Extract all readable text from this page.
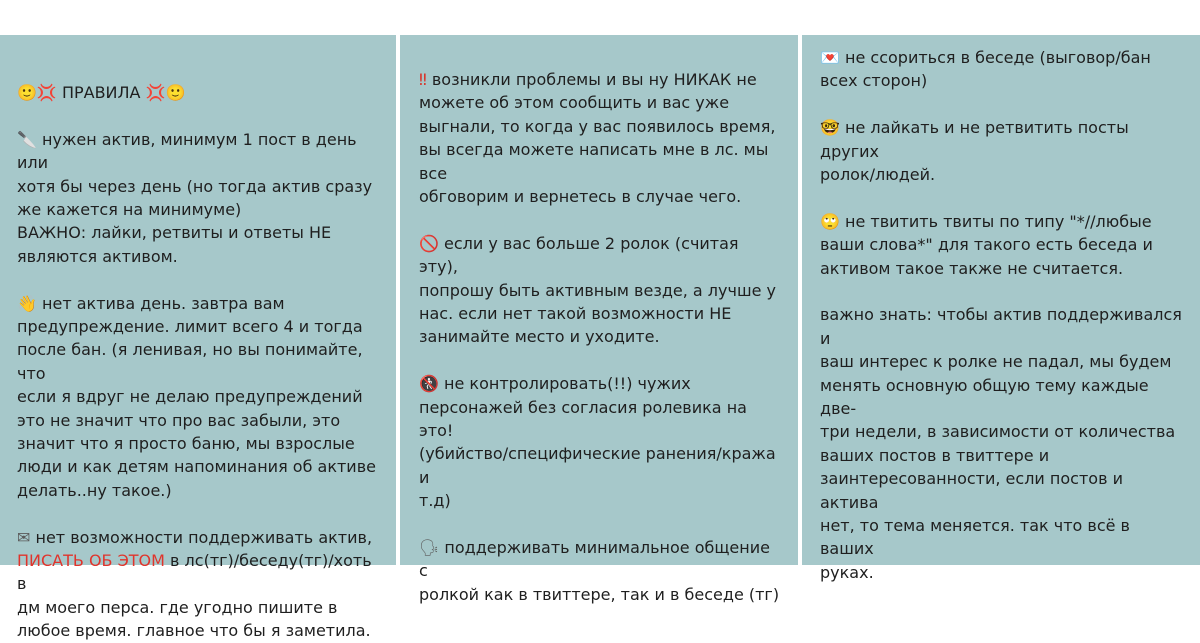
🙂💢 ПРАВИЛА 💢🙂
🔪 нужен актив, минимум 1 пост в день или
хотя бы через день (но тогда актив сразу
же кажется на минимуме)
ВАЖНО: лайки, ретвиты и ответы НЕ
являются активом.
👋 нет актива день. завтра вам
предупреждение. лимит всего 4 и тогда
после бан. (я ленивая, но вы понимайте, что
если я вдруг не делаю предупреждений
это не значит что про вас забыли, это
значит что я просто баню, мы взрослые
люди и как детям напоминания об активе
делать..ну такое.)
✉ нет возможности поддерживать актив,
ПИСАТЬ ОБ ЭТОМ в лс(тг)/беседу(тг)/хоть в
дм моего перса. где угодно пишите в
любое время. главное что бы я заметила.
‼ возникли проблемы и вы ну НИКАК не
можете об этом сообщить и вас уже
выгнали, то когда у вас появилось время,
вы всегда можете написать мне в лс. мы все
обговорим и вернетесь в случае чего.
🚫 если у вас больше 2 ролок (считая эту),
попрошу быть активным везде, а лучше у
нас. если нет такой возможности НЕ
занимайте место и уходите.
🚷 не контролировать(!!) чужих
персонажей без согласия ролевика на это!
(убийство/специфические ранения/кража и
т.д)
🗣 поддерживать минимальное общение с
ролкой как в твиттере, так и в беседе (тг)
💌 не ссориться в беседе (выговор/бан
всех сторон)
🤓 не лайкать и не ретвитить посты других
ролок/людей.
🙄 не твитить твиты по типу "*//любые
ваши слова*" для такого есть беседа и
активом такое также не считается.
важно знать: чтобы актив поддерживался и
ваш интерес к ролке не падал, мы будем
менять основную общую тему каждые две-
три недели, в зависимости от количества
ваших постов в твиттере и
заинтересованности, если постов и актива
нет, то тема меняется. так что всё в ваших
руках.
